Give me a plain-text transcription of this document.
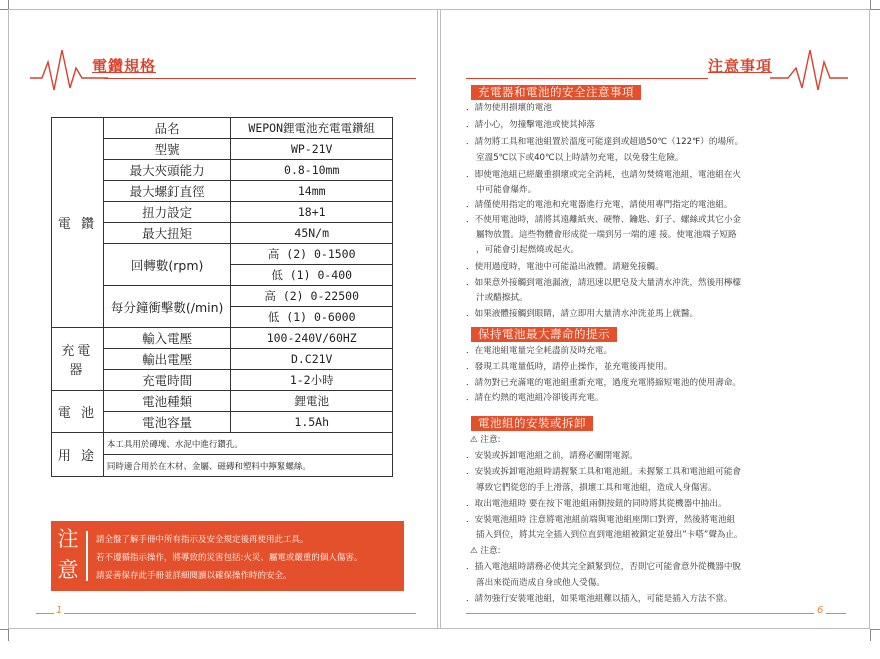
電鑽規格
電 鑽	品名	WEPON鋰電池充電電鑽組
	型號	WP-21V
	最大夾頭能力	0.8-10mm
	最大螺釘直徑	14mm
	扭力設定	18+1
	最大扭矩	45N/m
	回轉數(rpm)	高 (2) 0-1500
		低 (1) 0-400
	每分鐘衝擊數(/min)	高 (2) 0-22500
		低 (1) 0-6000
充電器	輸入電壓	100-240V/60HZ
	輸出電壓	D.C21V
	充電時間	1-2小時
電 池	電池種類	鋰電池
	電池容量	1.5Ah
用 途	本工具用於磚塊、水泥中進行鑽孔。	
	同時適合用於在木材、金屬、磁磚和塑料中擰緊螺絲。	
注意
請全盤了解手冊中所有指示及安全規定後再使用此工具。
若不遵循指示操作，將導致的災害包括:火災、屬電或嚴重的個人傷害。
請妥善保存此手冊並詳細閱讀以確保操作時的安全。
1
注意事項
充電器和電池的安全注意事項
．請勿使用損壞的電池
．請小心，勿撞擊電池或使其掉落
．請勿將工具和電池組置於溫度可能達到或超過50℃（122℉）的場所。
室溫5℃以下或40℃以上時請勿充電，以免發生危險。
．即使電池組已經嚴重損壞或完全消耗，也請勿焚燒電池組，電池組在火
中可能會爆炸。
．請僅使用指定的電池和充電器進行充電，請使用專門指定的電池組。
．不使用電池時，請將其遠離紙夾、硬幣、鑰匙、釘子、螺絲或其它小金
屬物放置。這些物體會形成從一端到另一端的連 接。使電池端子短路
，可能會引起燃燒或起火。
．使用過度時，電池中可能溢出液體。請避免接觸。
．如果意外接觸到電池漏液，請迅速以肥皂及大量清水沖洗，然後用檸檬
汁或醋擦拭。
．如果液體接觸到眼睛，請立即用大量清水沖洗並馬上就醫。
保持電池最大壽命的提示
．在電池組電量完全耗盡前及時充電。
．發現工具電量低時，請停止操作，並充電後再使用。
．請勿對已充滿電的電池組重新充電，過度充電將縮短電池的使用壽命。
．請在灼熱的電池組冷卻後再充電。
電池組的安裝或拆卸
⚠ 注意:
．安裝或拆卸電池組之前，請務必關閉電源。
．安裝或拆卸電池組時請握緊工具和電池組。未握緊工具和電池組可能會
導致它們從您的手上滑落，損壞工具和電池組，造成人身傷害。
．取出電池組時 要在按下電池組兩側按鈕的同時將其從機器中抽出。
．安裝電池組時 注意將電池組前端與電池組座開口對齊，然後將電池組
插入到位，將其完全插入到位直到電池組被鎖定並發出”卡嗒”聲為止。
⚠ 注意:
．插入電池組時請務必使其完全鎖緊到位，否則它可能會意外從機器中脫
落出來從而造成自身或他人受傷。
．請勿強行安裝電池組，如果電池組難以插入，可能是插入方法不當。
6
